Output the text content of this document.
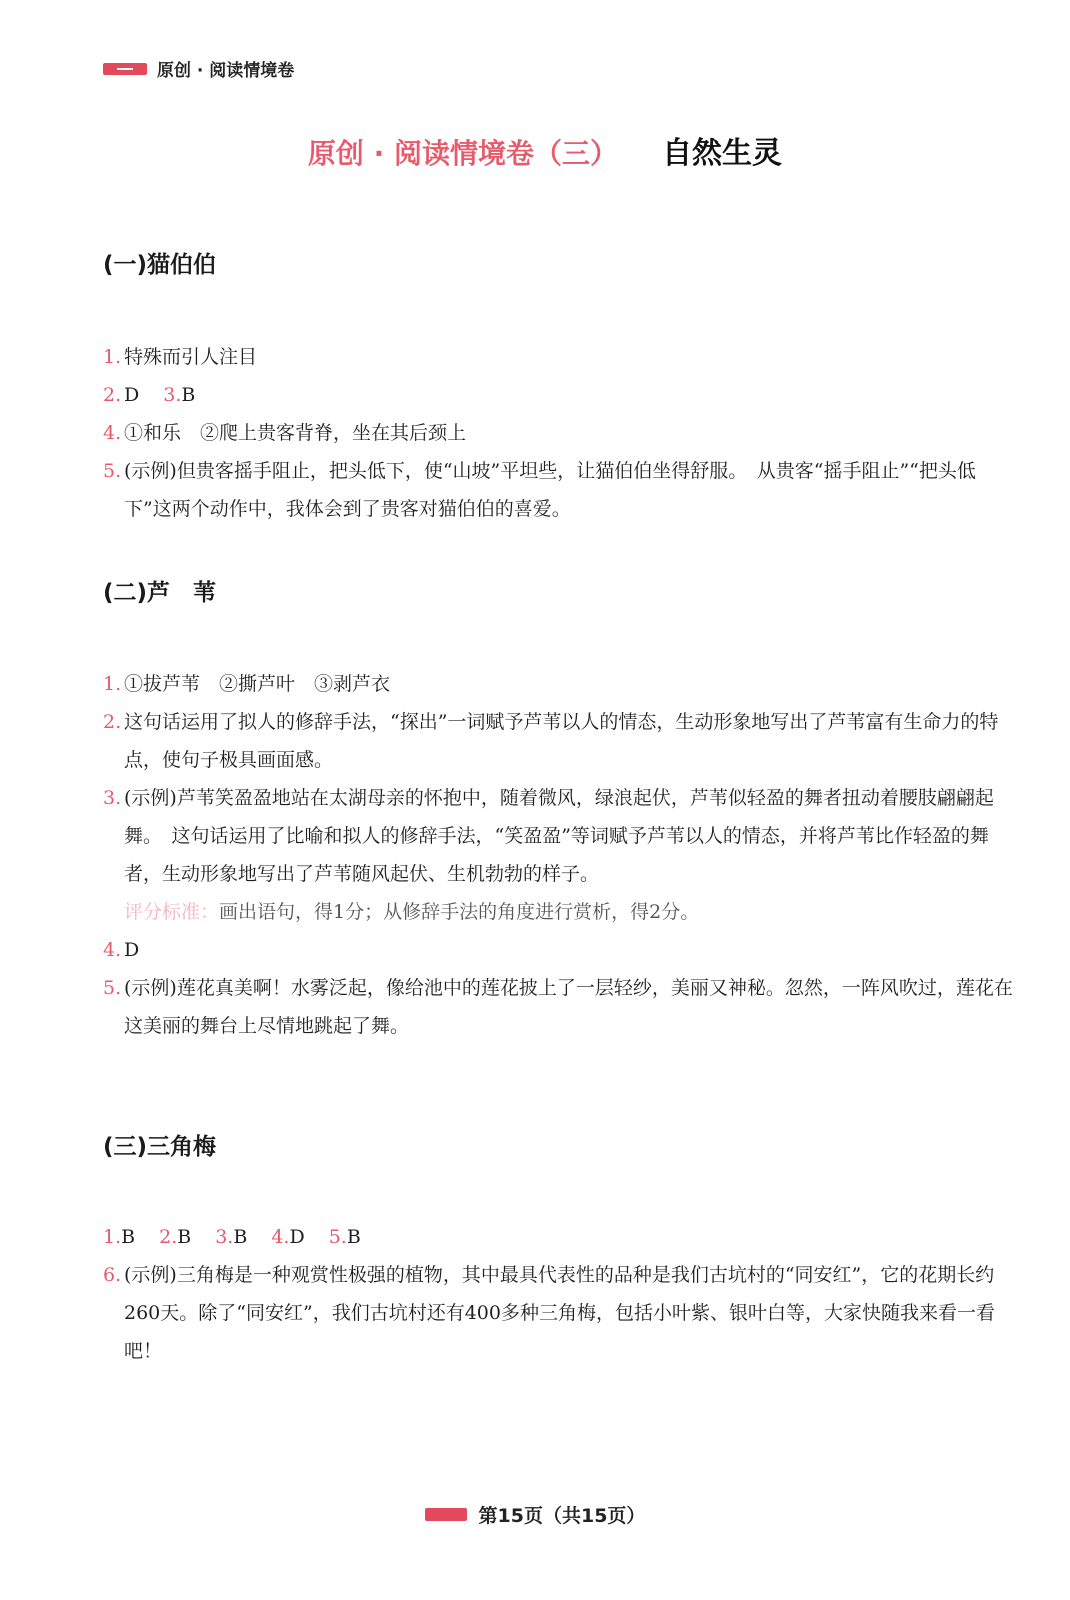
原创 · 阅读情境卷
原创 · 阅读情境卷（三） 自然生灵
(一)猫伯伯
1. 特殊而引人注目
2. D 3.B
4. ①和乐　②爬上贵客背脊，坐在其后颈上
5. (示例)但贵客摇手阻止，把头低下，使“山坡”平坦些，让猫伯伯坐得舒服。　从贵客“摇手阻止”“把头低下”这两个动作中，我体会到了贵客对猫伯伯的喜爱。
(二)芦　苇
1. ①拔芦苇　②撕芦叶　③剥芦衣
2. 这句话运用了拟人的修辞手法，“探出”一词赋予芦苇以人的情态，生动形象地写出了芦苇富有生命力的特点，使句子极具画面感。
3. (示例)芦苇笑盈盈地站在太湖母亲的怀抱中，随着微风，绿浪起伏，芦苇似轻盈的舞者扭动着腰肢翩翩起舞。　这句话运用了比喻和拟人的修辞手法，“笑盈盈”等词赋予芦苇以人的情态，并将芦苇比作轻盈的舞者，生动形象地写出了芦苇随风起伏、生机勃勃的样子。
评分标准：画出语句，得1分；从修辞手法的角度进行赏析，得2分。
4. D
5. (示例)莲花真美啊！水雾泛起，像给池中的莲花披上了一层轻纱，美丽又神秘。忽然，一阵风吹过，莲花在这美丽的舞台上尽情地跳起了舞。
(三)三角梅
1.B 2.B 3.B 4.D 5.B
6. (示例)三角梅是一种观赏性极强的植物，其中最具代表性的品种是我们古坑村的“同安红”，它的花期长约260天。除了“同安红”，我们古坑村还有400多种三角梅，包括小叶紫、银叶白等，大家快随我来看一看吧！
第15页（共15页）
